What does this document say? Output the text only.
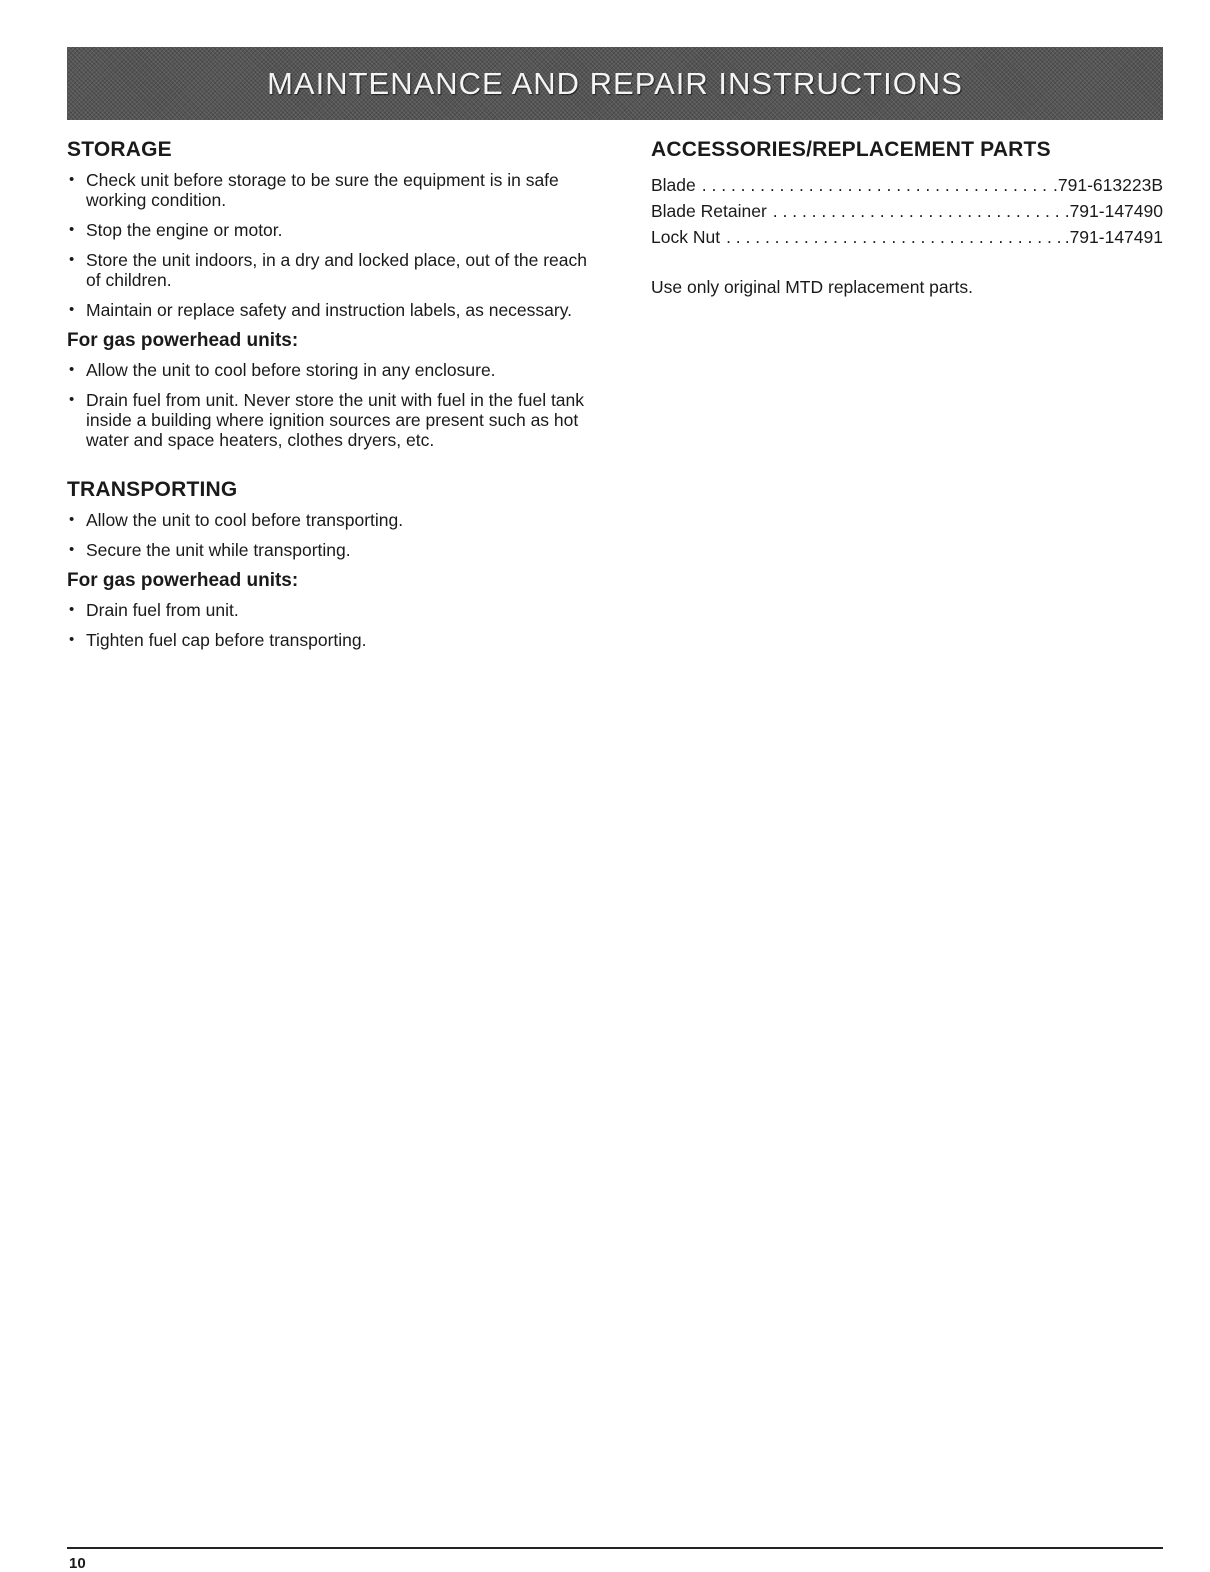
MAINTENANCE AND REPAIR INSTRUCTIONS
STORAGE
• Check unit before storage to be sure the equipment is in safe working condition.
• Stop the engine or motor.
• Store the unit indoors, in a dry and locked place, out of the reach of children.
• Maintain or replace safety and instruction labels, as necessary.
For gas powerhead units:
• Allow the unit to cool before storing in any enclosure.
• Drain fuel from unit. Never store the unit with fuel in the fuel tank inside a building where ignition sources are present such as hot water and space heaters, clothes dryers, etc.
TRANSPORTING
• Allow the unit to cool before transporting.
• Secure the unit while transporting.
For gas powerhead units:
• Drain fuel from unit.
• Tighten fuel cap before transporting.
ACCESSORIES/REPLACEMENT PARTS
Blade . . .	.791-613223B
Blade Retainer . . .	.791-147490
Lock Nut . . .	.791-147491
Use only original MTD replacement parts.
10
